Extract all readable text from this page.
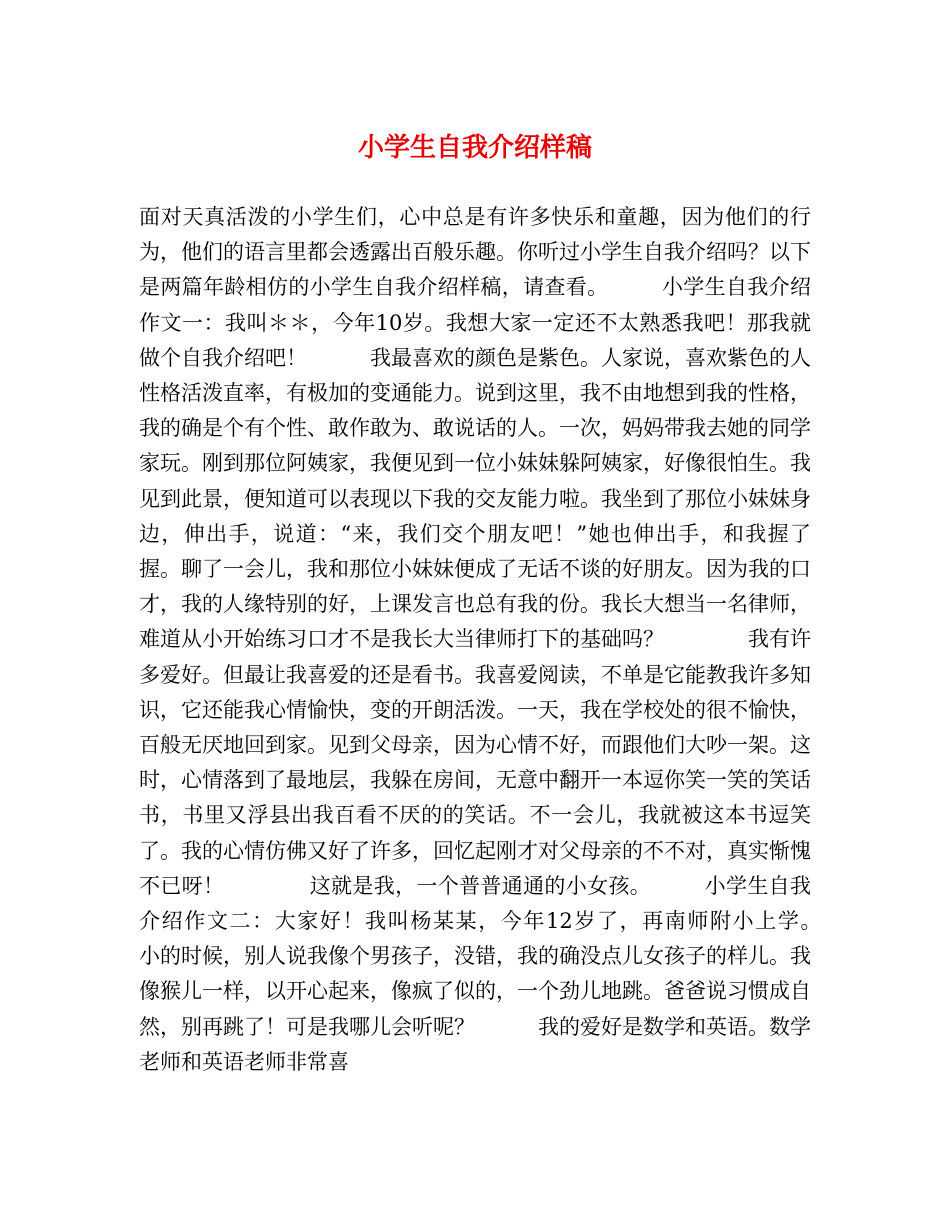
小学生自我介绍样稿

面对天真活泼的小学生们，心中总是有许多快乐和童趣，因为他们的行为，他们的语言里都会透露出百般乐趣。你听过小学生自我介绍吗？以下是两篇年龄相仿的小学生自我介绍样稿，请查看。　　　小学生自我介绍作文一：我叫＊＊，今年10岁。我想大家一定还不太熟悉我吧！那我就做个自我介绍吧！　　　我最喜欢的颜色是紫色。人家说，喜欢紫色的人性格活泼直率，有极加的变通能力。说到这里，我不由地想到我的性格，我的确是个有个性、敢作敢为、敢说话的人。一次，妈妈带我去她的同学家玩。刚到那位阿姨家，我便见到一位小妹妹躲阿姨家，好像很怕生。我见到此景，便知道可以表现以下我的交友能力啦。我坐到了那位小妹妹身边，伸出手，说道：“来，我们交个朋友吧！”她也伸出手，和我握了握。聊了一会儿，我和那位小妹妹便成了无话不谈的好朋友。因为我的口才，我的人缘特别的好，上课发言也总有我的份。我长大想当一名律师，难道从小开始练习口才不是我长大当律师打下的基础吗？　　　　我有许多爱好。但最让我喜爱的还是看书。我喜爱阅读，不单是它能教我许多知识，它还能我心情愉快，变的开朗活泼。一天，我在学校处的很不愉快，百般无厌地回到家。见到父母亲，因为心情不好，而跟他们大吵一架。这时，心情落到了最地层，我躲在房间，无意中翻开一本逗你笑一笑的笑话书，书里又浮县出我百看不厌的的笑话。不一会儿，我就被这本书逗笑了。我的心情仿佛又好了许多，回忆起刚才对父母亲的不不对，真实惭愧不已呀！　　　　这就是我，一个普普通通的小女孩。　　　小学生自我介绍作文二：大家好！我叫杨某某，今年12岁了，再南师附小上学。　　　小的时候，别人说我像个男孩子，没错，我的确没点儿女孩子的样儿。我像猴儿一样，以开心起来，像疯了似的，一个劲儿地跳。爸爸说习惯成自然，别再跳了！可是我哪儿会听呢？　　　我的爱好是数学和英语。数学老师和英语老师非常喜
